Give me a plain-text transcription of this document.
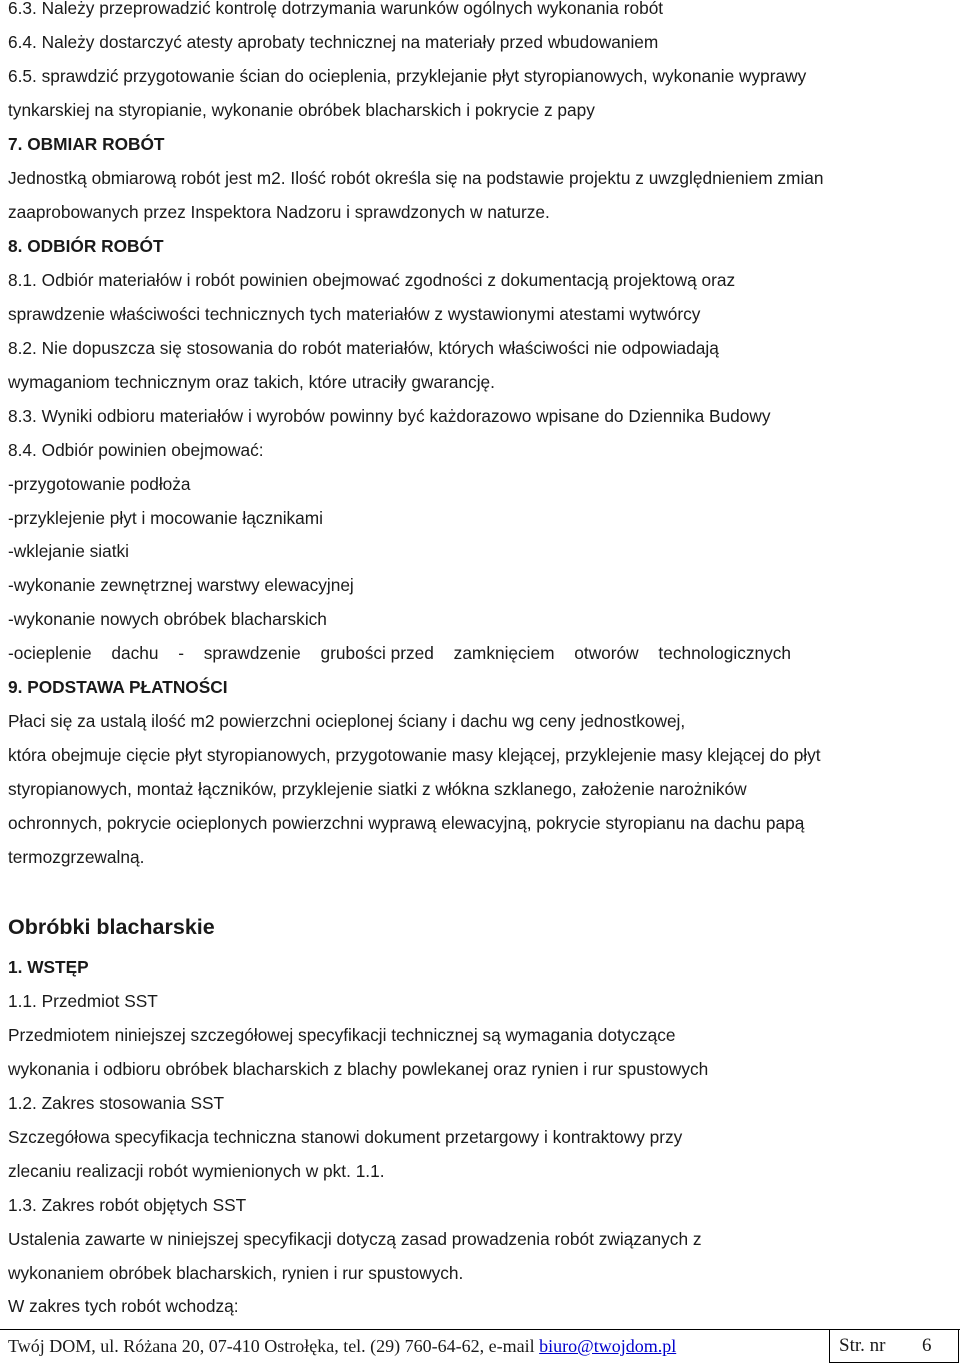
6.3. Należy przeprowadzić kontrolę dotrzymania warunków ogólnych wykonania robót

6.4. Należy dostarczyć atesty aprobaty technicznej na materiały przed wbudowaniem

6.5. sprawdzić przygotowanie ścian do ocieplenia, przyklejanie płyt styropianowych, wykonanie wyprawy

tynkarskiej na styropianie, wykonanie obróbek blacharskich i pokrycie z papy

7. OBMIAR ROBÓT

Jednostką obmiarową robót jest m2. Ilość robót określa się na podstawie projektu z uwzględnieniem zmian

zaaprobowanych przez Inspektora Nadzoru i sprawdzonych w naturze.

8. ODBIÓR ROBÓT

8.1. Odbiór materiałów i robót powinien obejmować zgodności z dokumentacją projektową oraz

sprawdzenie właściwości technicznych tych materiałów z wystawionymi atestami wytwórcy

8.2. Nie dopuszcza się stosowania do robót materiałów, których właściwości nie odpowiadają

wymaganiom technicznym oraz takich, które utraciły gwarancję.

8.3. Wyniki odbioru materiałów i wyrobów powinny być każdorazowo wpisane do Dziennika Budowy

8.4. Odbiór powinien obejmować:

-przygotowanie podłoża

-przyklejenie płyt i mocowanie łącznikami

-wklejanie siatki

-wykonanie zewnętrznej warstwy elewacyjnej

-wykonanie nowych obróbek blacharskich

-ocieplenie dachu - sprawdzenie grubości przed zamknięciem otworów technologicznych

9. PODSTAWA PŁATNOŚCI

Płaci się za ustalą ilość m2 powierzchni ocieplonej ściany i dachu wg ceny jednostkowej,

która obejmuje cięcie płyt styropianowych, przygotowanie masy klejącej, przyklejenie masy klejącej do płyt

styropianowych, montaż łączników, przyklejenie siatki z włókna szklanego, założenie narożników

ochronnych, pokrycie ocieplonych powierzchni wyprawą elewacyjną, pokrycie styropianu na dachu papą

termozgrzewalną.

Obróbki blacharskie

1. WSTĘP

1.1. Przedmiot SST

Przedmiotem niniejszej szczegółowej specyfikacji technicznej są wymagania dotyczące

wykonania i odbioru obróbek blacharskich z blachy powlekanej oraz rynien i rur spustowych

1.2. Zakres stosowania SST

Szczegółowa specyfikacja techniczna stanowi dokument przetargowy i kontraktowy przy

zlecaniu realizacji robót wymienionych w pkt. 1.1.

1.3. Zakres robót objętych SST

Ustalenia zawarte w niniejszej specyfikacji dotyczą zasad prowadzenia robót związanych z

wykonaniem obróbek blacharskich, rynien i rur spustowych.

W zakres tych robót wchodzą:

Twój DOM, ul. Różana 20, 07-410 Ostrołęka, tel. (29) 760-64-62, e-mail biuro@twojdom.pl	Str. nr 6
